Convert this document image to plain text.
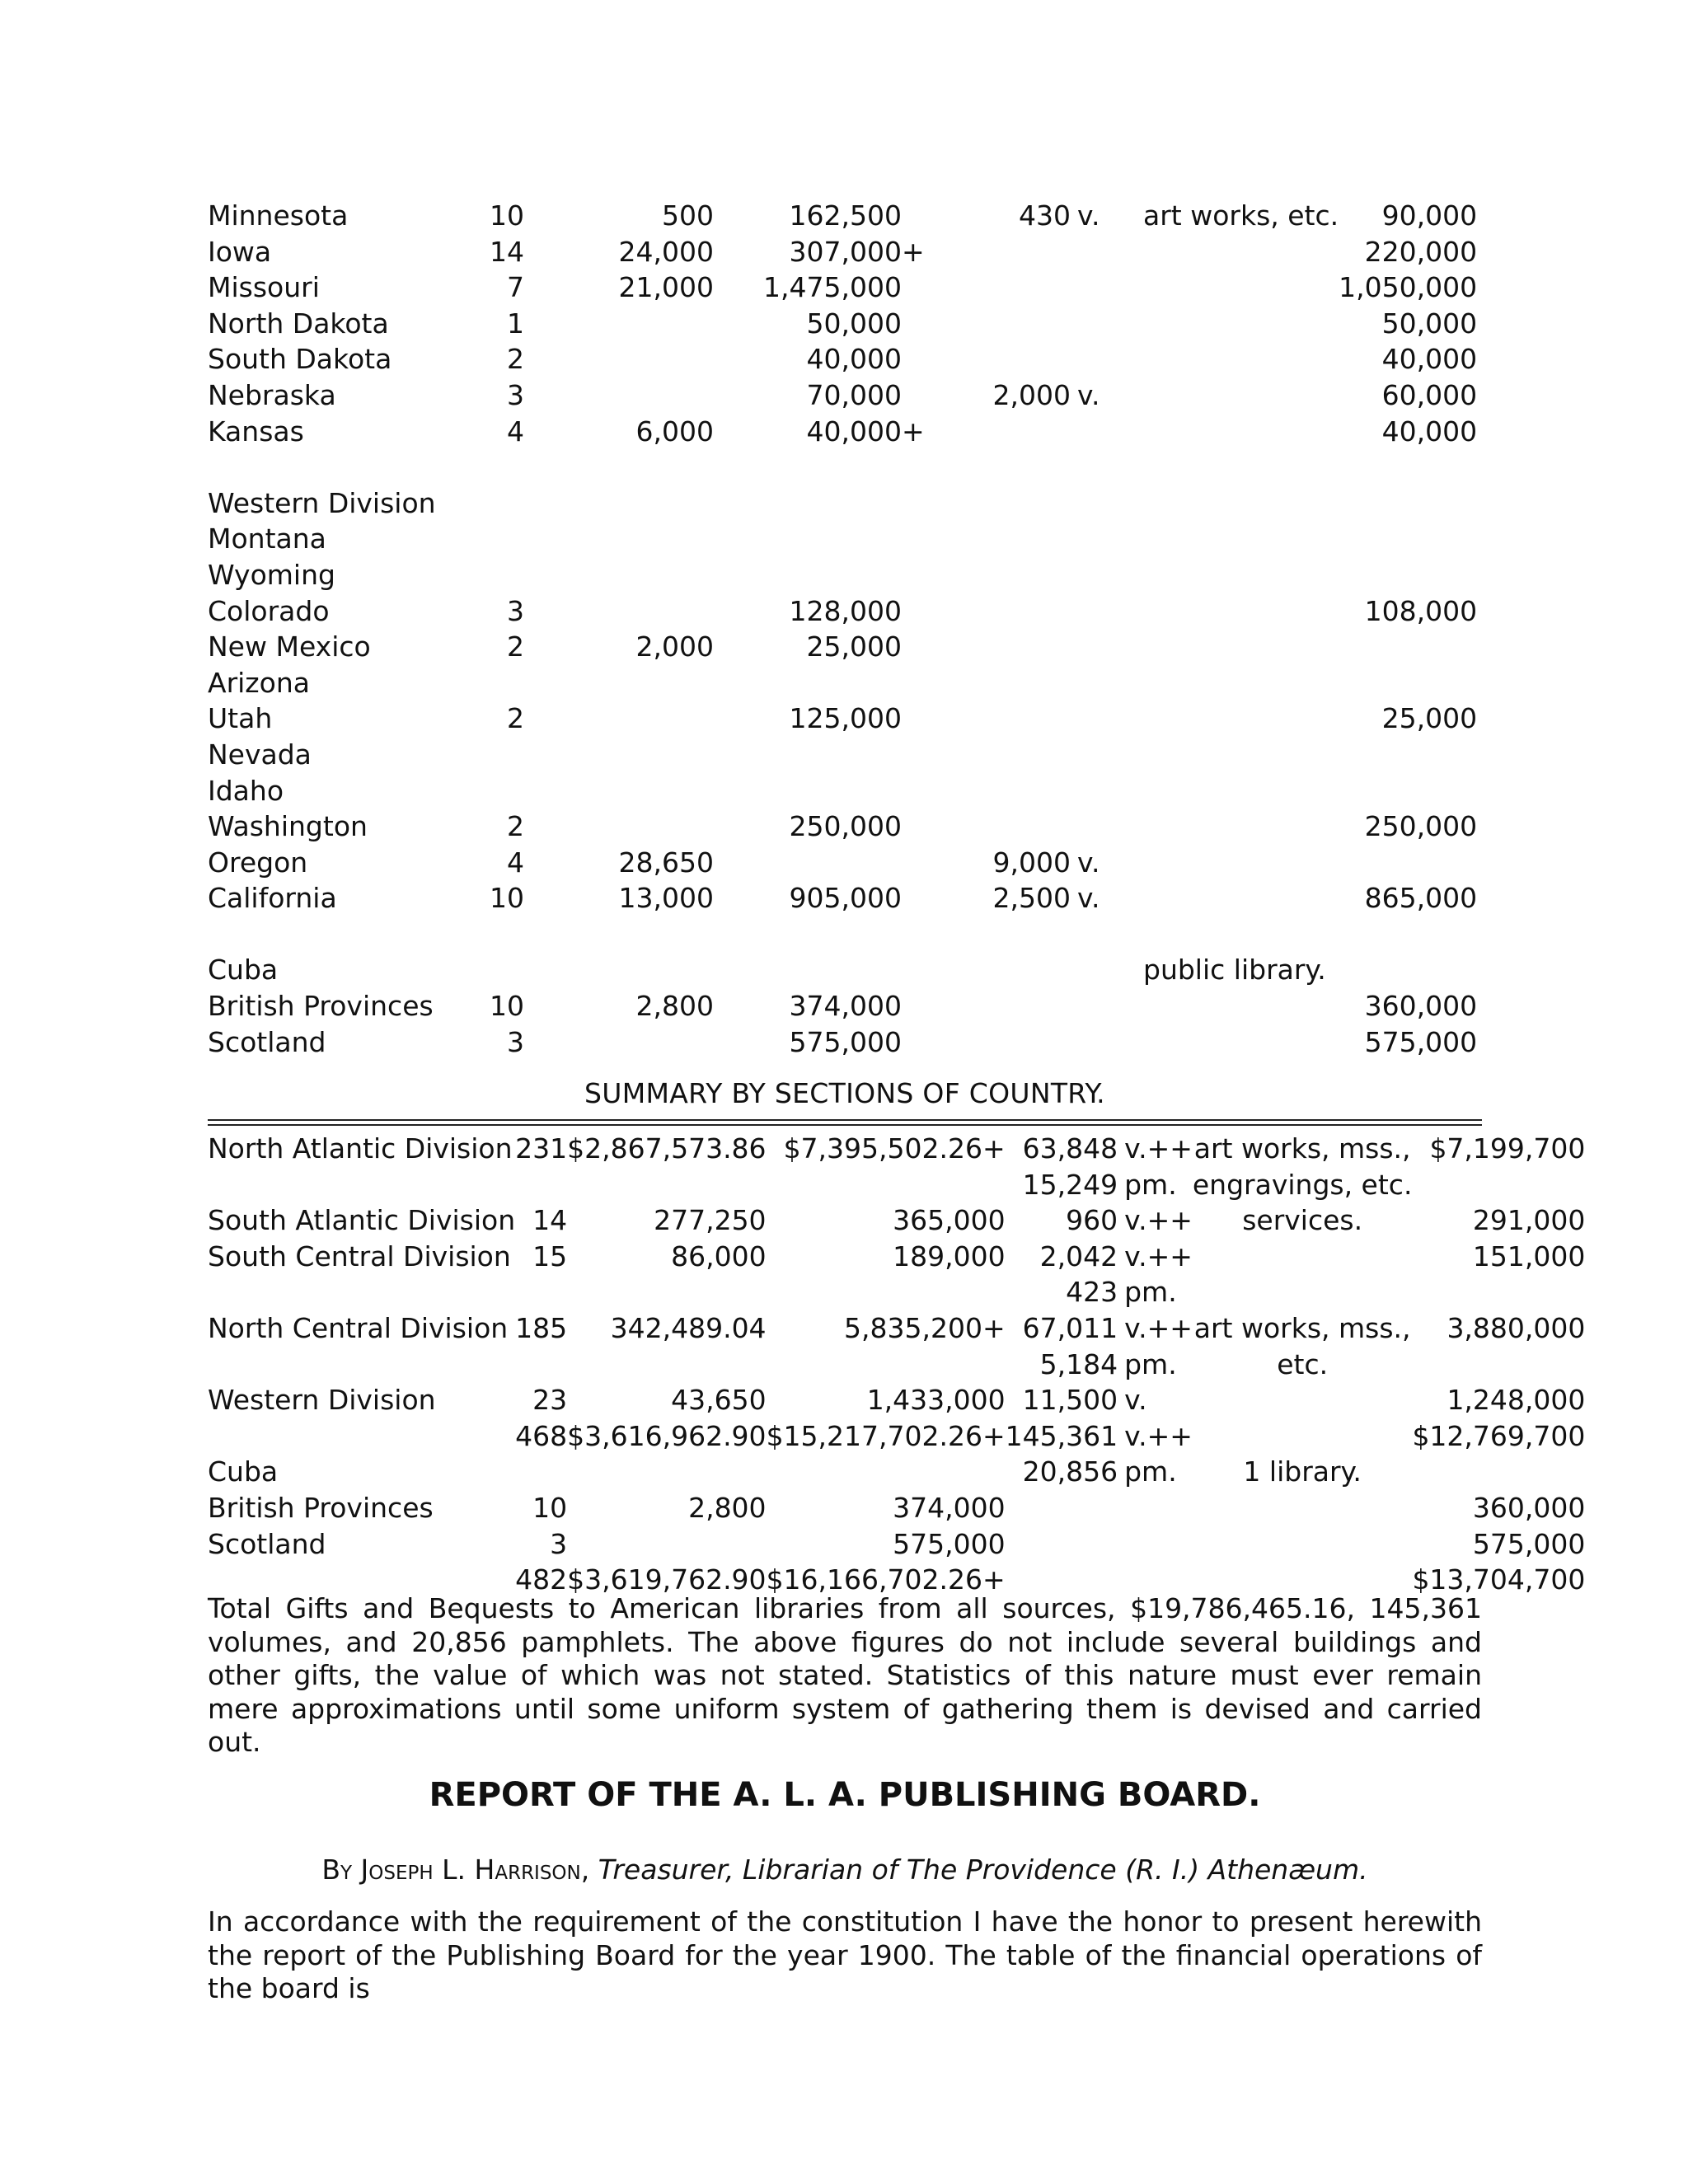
Minnesota	10	500	162,500		430	v.	art works, etc.	90,000
Iowa	14	24,000	307,000	+				220,000
Missouri	7	21,000	1,475,000					1,050,000
North Dakota	1		50,000					50,000
South Dakota	2		40,000					40,000
Nebraska	3		70,000		2,000	v.		60,000
Kansas	4	6,000	40,000	+				40,000

Western Division								
Montana								
Wyoming								
Colorado	3		128,000					108,000
New Mexico	2	2,000	25,000					
Arizona								
Utah	2		125,000					25,000
Nevada								
Idaho								
Washington	2		250,000					250,000
Oregon	4	28,650			9,000	v.		
California	10	13,000	905,000		2,500	v.		865,000

Cuba							public library.	
British Provinces	10	2,800	374,000					360,000
Scotland	3		575,000					575,000
SUMMARY BY SECTIONS OF COUNTRY.
North Atlantic Division	231	$2,867,573.86	$7,395,502.26+	63,848	v.++	art works, mss.,	$7,199,700
				15,249	pm.	engravings, etc.	
South Atlantic Division	14	277,250	365,000	960	v.++	services.	291,000
South Central Division	15	86,000	189,000	2,042	v.++		151,000
				423	pm.		
North Central Division	185	342,489.04	5,835,200+	67,011	v.++	art works, mss.,	3,880,000
				5,184	pm.	etc.	
Western Division	23	43,650	1,433,000	11,500	v.		1,248,000
	468	$3,616,962.90	$15,217,702.26+	145,361	v.++		$12,769,700
Cuba				20,856	pm.	1 library.	
British Provinces	10	2,800	374,000				360,000
Scotland	3		575,000				575,000
	482	$3,619,762.90	$16,166,702.26+				$13,704,700

Total Gifts and Bequests to American libraries from all sources, $19,786,465.16, 145,361 volumes, and 20,856 pamphlets. The above figures do not include several buildings and other gifts, the value of which was not stated. Statistics of this nature must ever remain mere approximations until some uniform system of gathering them is devised and carried out.

REPORT OF THE A. L. A. PUBLISHING BOARD.

By Joseph L. Harrison, Treasurer, Librarian of The Providence (R. I.) Athenæum.

In accordance with the requirement of the constitution I have the honor to present herewith the report of the Publishing Board for the year 1900. The table of the financial operations of the board is
